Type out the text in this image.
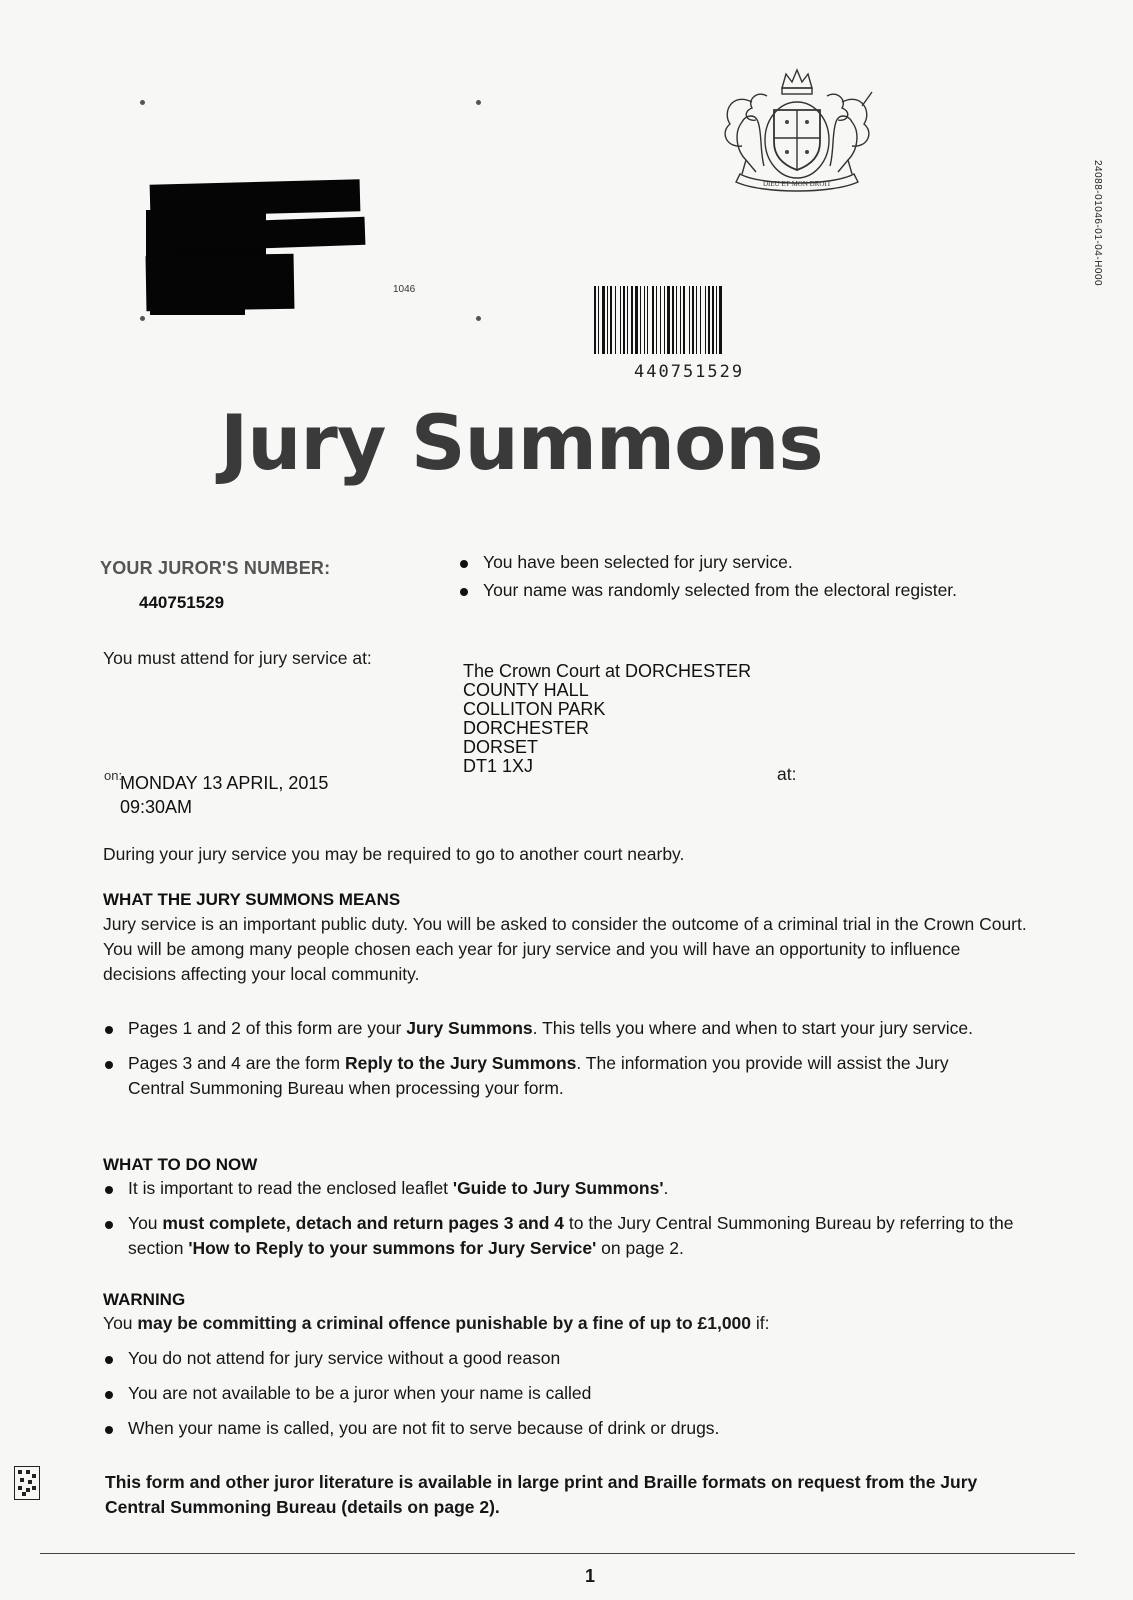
1046
DIEU ET MON DROIT	24088-01046-01-04-H000
440751529
Jury Summons
YOUR JUROR'S NUMBER:
440751529
You have been selected for jury service.
Your name was randomly selected from the electoral register.
You must attend for jury service at:
The Crown Court at DORCHESTER
COUNTY HALL
COLLITON PARK
DORCHESTER
DORSET
DT1 1XJ
on:
MONDAY 13 APRIL, 2015
09:30AM
at:
During your jury service you may be required to go to another court nearby.
WHAT THE JURY SUMMONS MEANS
Jury service is an important public duty. You will be asked to consider the outcome of a criminal trial in the Crown Court. You will be among many people chosen each year for jury service and you will have an opportunity to influence decisions affecting your local community.
Pages 1 and 2 of this form are your Jury Summons. This tells you where and when to start your jury service.
Pages 3 and 4 are the form Reply to the Jury Summons. The information you provide will assist the Jury Central Summoning Bureau when processing your form.
WHAT TO DO NOW
It is important to read the enclosed leaflet 'Guide to Jury Summons'.
You must complete, detach and return pages 3 and 4 to the Jury Central Summoning Bureau by referring to the section 'How to Reply to your summons for Jury Service' on page 2.
WARNING
You may be committing a criminal offence punishable by a fine of up to £1,000 if:
You do not attend for jury service without a good reason
You are not available to be a juror when your name is called
When your name is called, you are not fit to serve because of drink or drugs.
This form and other juror literature is available in large print and Braille formats on request from the Jury Central Summoning Bureau (details on page 2).
1
